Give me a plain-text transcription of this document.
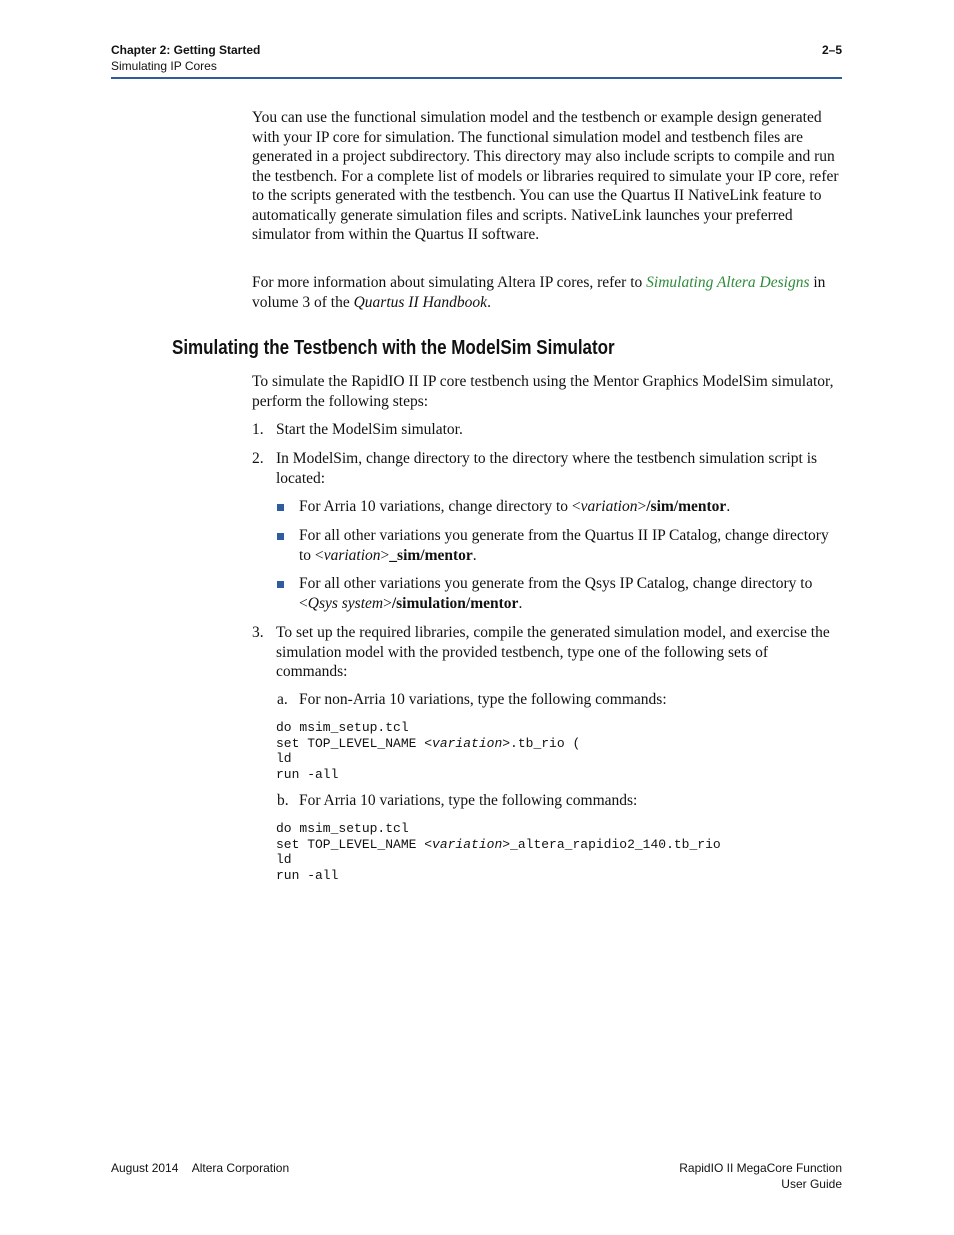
Chapter 2: Getting Started
Simulating IP Cores
2–5

You can use the functional simulation model and the testbench or example design generated with your IP core for simulation. The functional simulation model and testbench files are generated in a project subdirectory. This directory may also include scripts to compile and run the testbench. For a complete list of models or libraries required to simulate your IP core, refer to the scripts generated with the testbench. You can use the Quartus II NativeLink feature to automatically generate simulation files and scripts. NativeLink launches your preferred simulator from within the Quartus II software.

For more information about simulating Altera IP cores, refer to Simulating Altera Designs in volume 3 of the Quartus II Handbook.

Simulating the Testbench with the ModelSim Simulator

To simulate the RapidIO II IP core testbench using the Mentor Graphics ModelSim simulator, perform the following steps:

1. Start the ModelSim simulator.
2. In ModelSim, change directory to the directory where the testbench simulation script is located:
For Arria 10 variations, change directory to <variation>/sim/mentor.
For all other variations you generate from the Quartus II IP Catalog, change directory to <variation>_sim/mentor.
For all other variations you generate from the Qsys IP Catalog, change directory to <Qsys system>/simulation/mentor.
3. To set up the required libraries, compile the generated simulation model, and exercise the simulation model with the provided testbench, type one of the following sets of commands:
a. For non-Arria 10 variations, type the following commands:
do msim_setup.tcl
set TOP_LEVEL_NAME <variation>.tb_rio (
ld
run -all
b. For Arria 10 variations, type the following commands:
do msim_setup.tcl
set TOP_LEVEL_NAME <variation>_altera_rapidio2_140.tb_rio
ld
run -all
August 2014 Altera Corporation	RapidIO II MegaCore Function
User Guide
